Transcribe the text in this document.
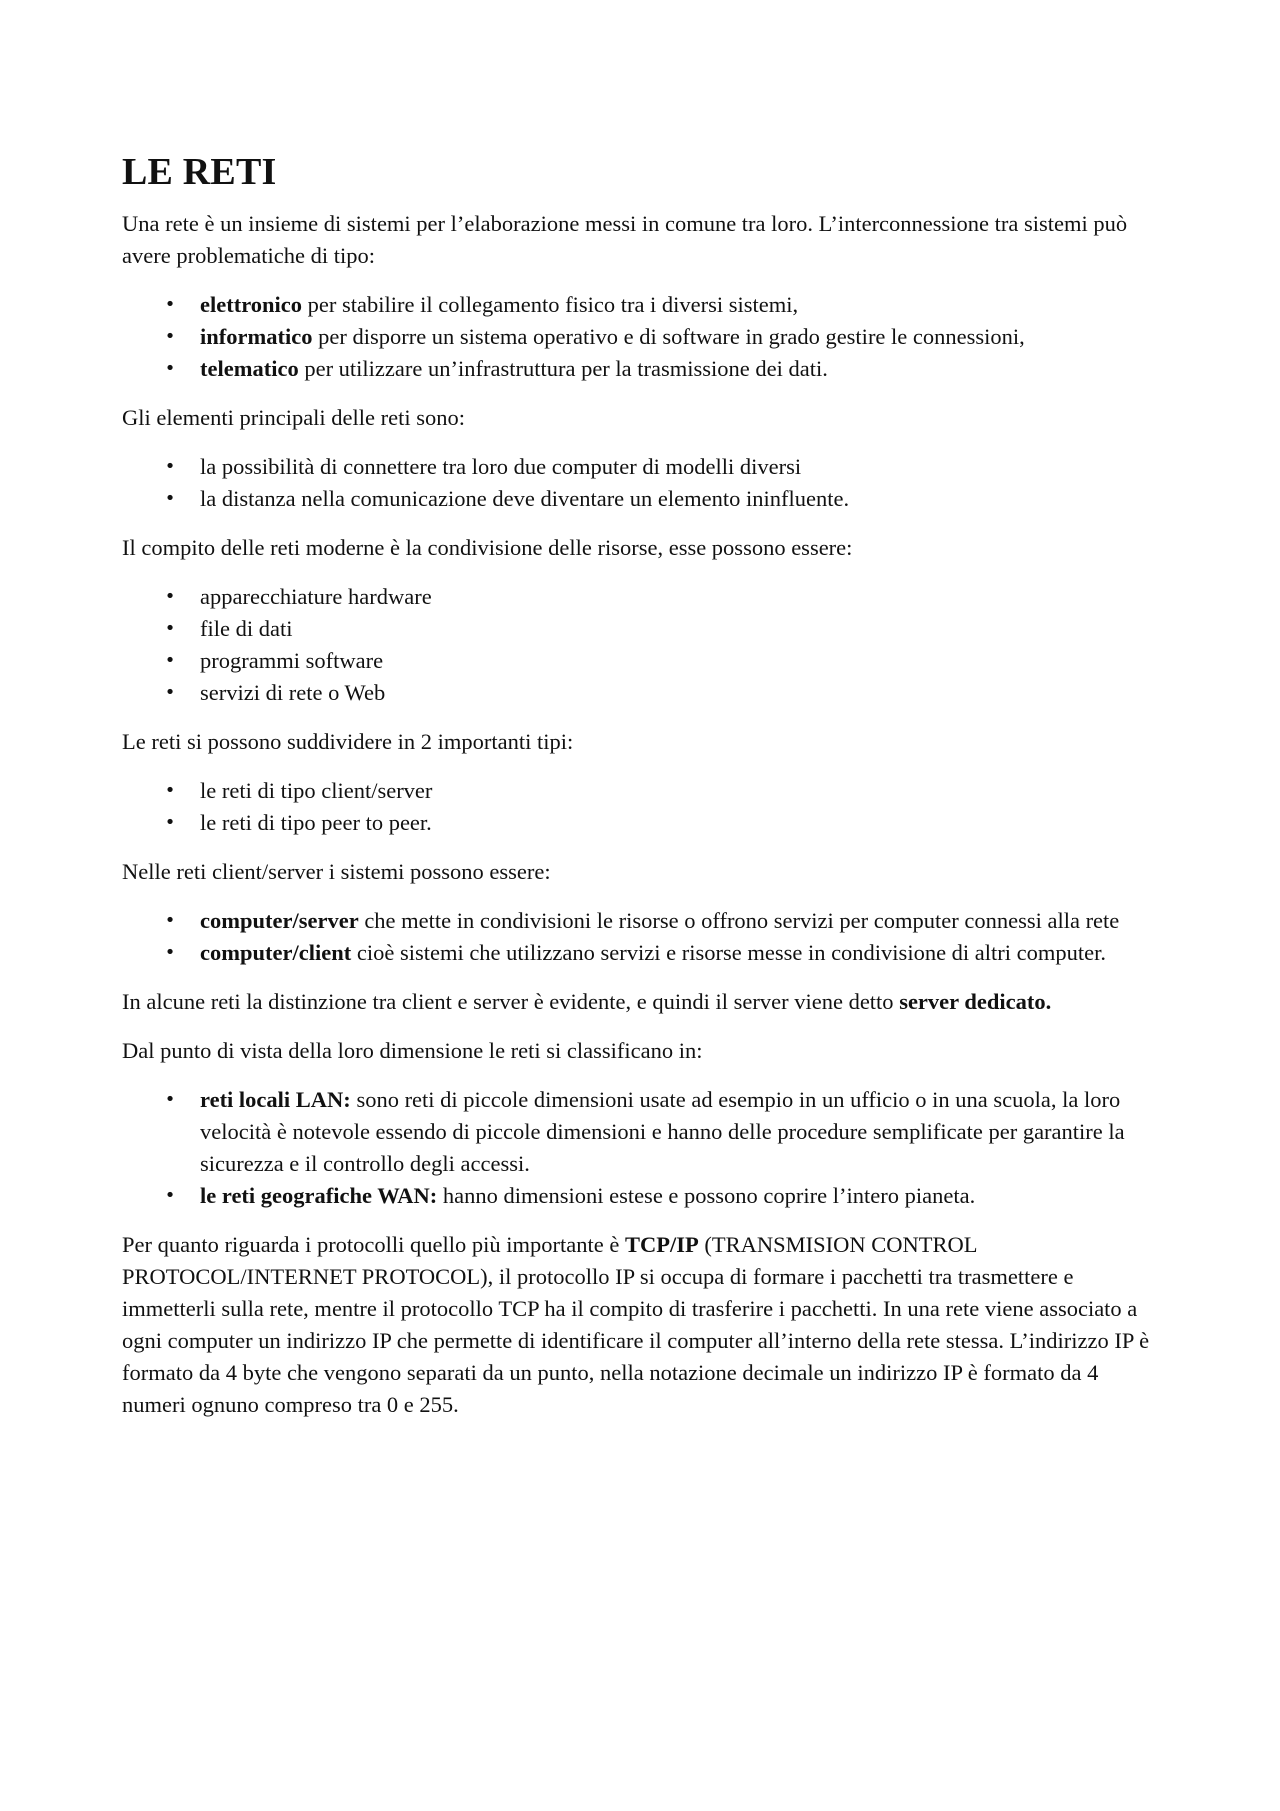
LE RETI

Una rete è un insieme di sistemi per l’elaborazione messi in comune tra loro. L’interconnessione tra sistemi può avere problematiche di tipo:

• elettronico per stabilire il collegamento fisico tra i diversi sistemi,
• informatico per disporre un sistema operativo e di software in grado gestire le connessioni,
• telematico per utilizzare un’infrastruttura per la trasmissione dei dati.

Gli elementi principali delle reti sono:

• la possibilità di connettere tra loro due computer di modelli diversi
• la distanza nella comunicazione deve diventare un elemento ininfluente.

Il compito delle reti moderne è la condivisione delle risorse, esse possono essere:

• apparecchiature hardware
• file di dati
• programmi software
• servizi di rete o Web

Le reti si possono suddividere in 2 importanti tipi:

• le reti di tipo client/server
• le reti di tipo peer to peer.

Nelle reti client/server i sistemi possono essere:

• computer/server che mette in condivisioni le risorse o offrono servizi per computer connessi alla rete
• computer/client cioè sistemi che utilizzano servizi e risorse messe in condivisione di altri computer.

In alcune reti la distinzione tra client e server è evidente, e quindi il server viene detto server dedicato.

Dal punto di vista della loro dimensione le reti si classificano in:

• reti locali LAN: sono reti di piccole dimensioni usate ad esempio in un ufficio o in una scuola, la loro velocità è notevole essendo di piccole dimensioni e hanno delle procedure semplificate per garantire la sicurezza e il controllo degli accessi.
• le reti geografiche WAN: hanno dimensioni estese e possono coprire l’intero pianeta.

Per quanto riguarda i protocolli quello più importante è TCP/IP (TRANSMISION CONTROL PROTOCOL/INTERNET PROTOCOL), il protocollo IP si occupa di formare i pacchetti tra trasmettere e immetterli sulla rete, mentre il protocollo TCP ha il compito di trasferire i pacchetti. In una rete viene associato a ogni computer un indirizzo IP che permette di identificare il computer all’interno della rete stessa. L’indirizzo IP è formato da 4 byte che vengono separati da un punto, nella notazione decimale un indirizzo IP è formato da 4 numeri ognuno compreso tra 0 e 255.
